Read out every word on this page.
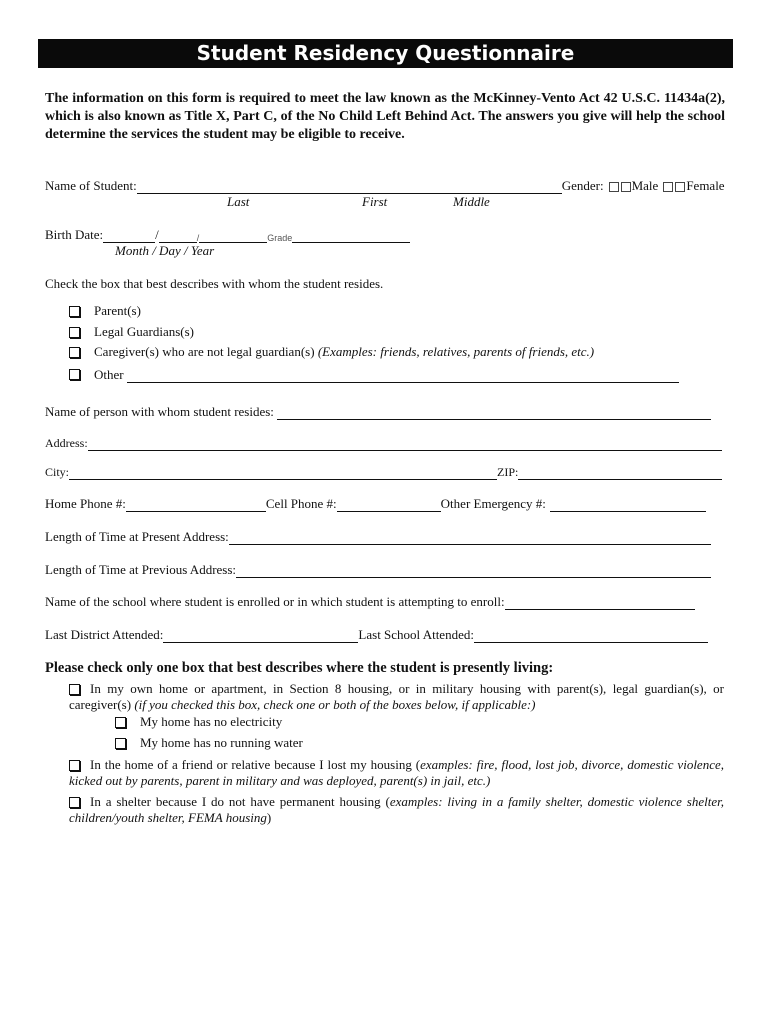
Student Residency Questionnaire
The information on this form is required to meet the law known as the McKinney-Vento Act 42 U.S.C. 11434a(2), which is also known as Title X, Part C, of the No Child Left Behind Act. The answers you give will help the school determine the services the student may be eligible to receive.
Name of Student:	Gender: Male Female
Last	First	Middle
Birth Date:	/	/	Grade
Month / Day / Year
Check the box that best describes with whom the student resides.
Parent(s)
Legal Guardians(s)
Caregiver(s) who are not legal guardian(s) (Examples: friends, relatives, parents of friends, etc.)
Other
Name of person with whom student resides:
Address:
City:	ZIP:
Home Phone #:	Cell Phone #:	Other Emergency #:
Length of Time at Present Address:
Length of Time at Previous Address:
Name of the school where student is enrolled or in which student is attempting to enroll:
Last District Attended:	Last School Attended:
Please check only one box that best describes where the student is presently living:
In my own home or apartment, in Section 8 housing, or in military housing with parent(s), legal guardian(s), or caregiver(s) (if you checked this box, check one or both of the boxes below, if applicable:)
My home has no electricity
My home has no running water
In the home of a friend or relative because I lost my housing (examples: fire, flood, lost job, divorce, domestic violence, kicked out by parents, parent in military and was deployed, parent(s) in jail, etc.)
In a shelter because I do not have permanent housing (examples: living in a family shelter, domestic violence shelter, children/youth shelter, FEMA housing)
